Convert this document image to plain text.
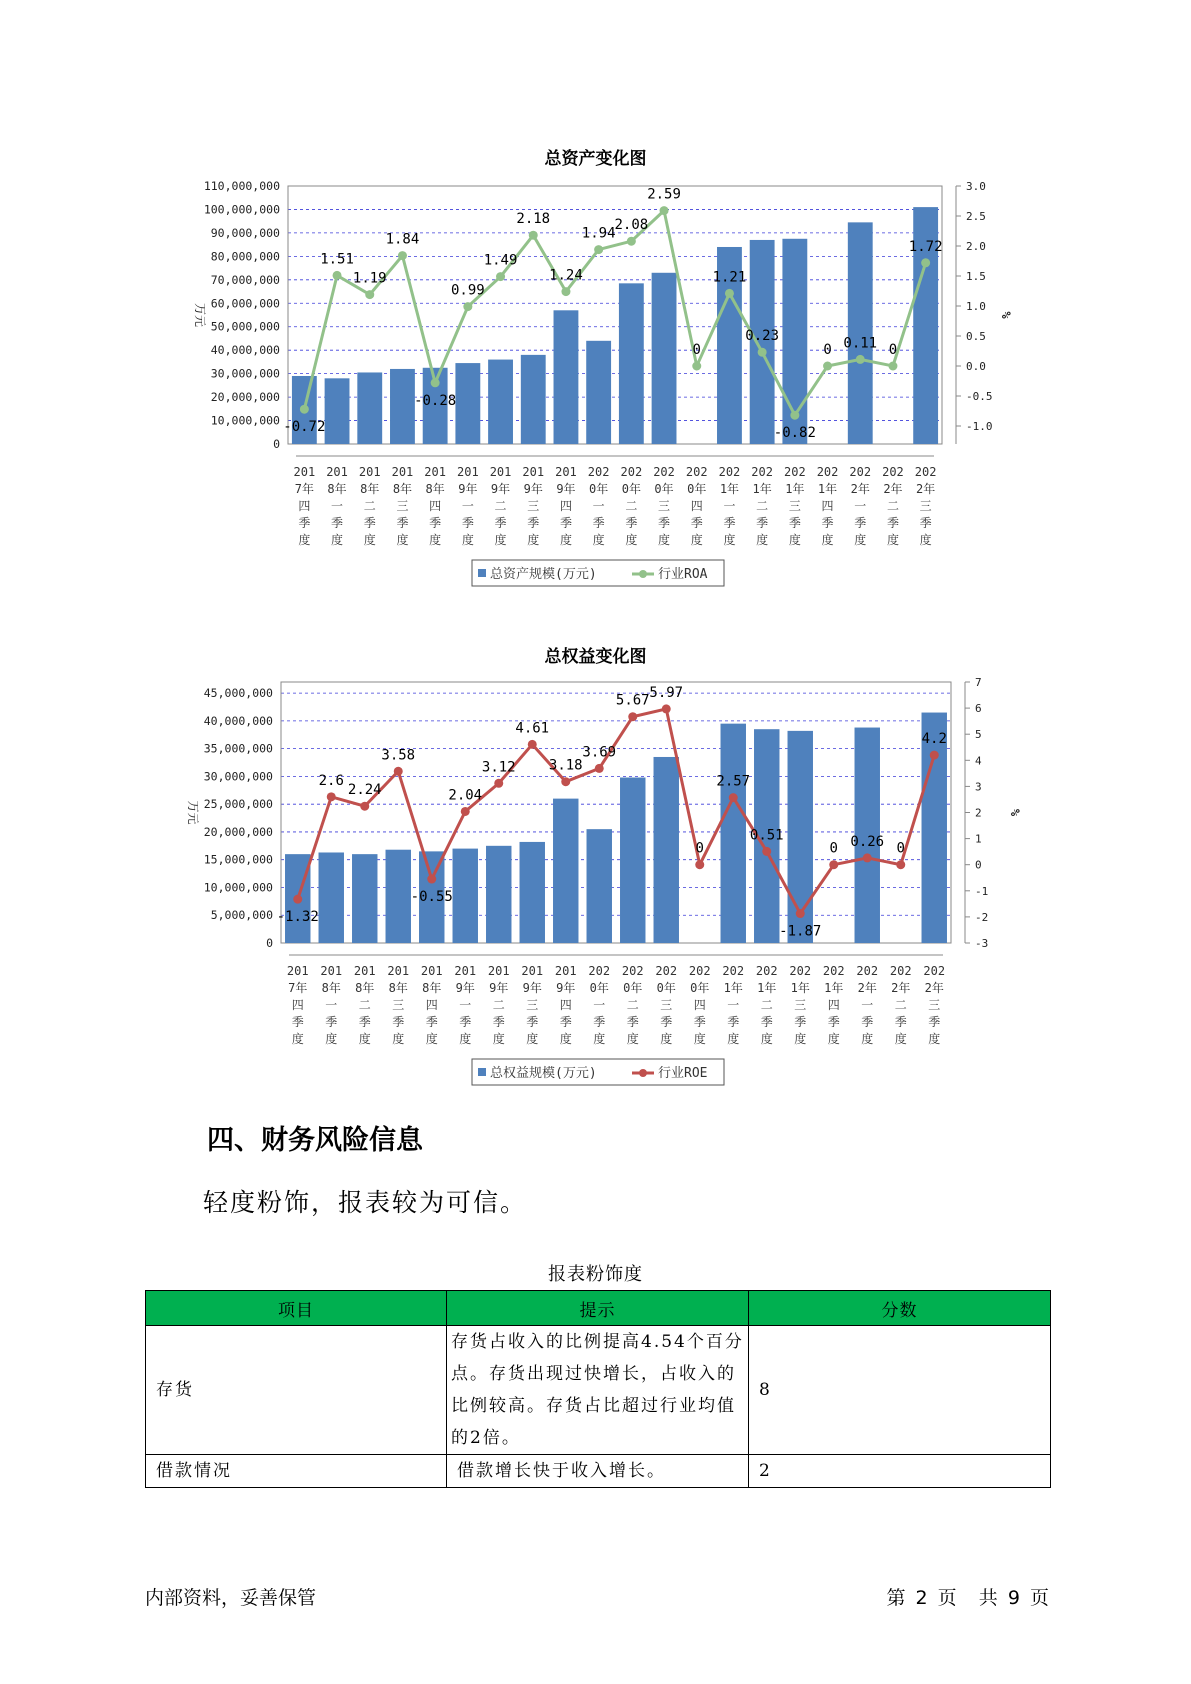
总资产变化图
0
10,000,000
20,000,000
30,000,000
40,000,000
50,000,000
60,000,000
70,000,000
80,000,000
90,000,000
100,000,000
110,000,000
-1.0
-0.5
0.0
0.5
1.0
1.5
2.0
2.5
3.0
万元	%
-0.72
1.51
1.19
1.84
-0.28
0.99
1.49
2.18
1.24
1.94
2.08
2.59
0
1.21
0.23
-0.82
0 0.11 0
1.72
201
7年
四
季
度
201
8年
一
季
度
201
8年
二
季
度
201
8年
三
季
度
201
8年
四
季
度
201
9年
一
季
度
201
9年
二
季
度
201
9年
三
季
度
201
9年
四
季
度
202
0年
一
季
度
202
0年
二
季
度
202
0年
三
季
度
202
0年
四
季
度
202
1年
一
季
度
202
1年
二
季
度
202
1年
三
季
度
202
1年
四
季
度
202
2年
一
季
度
202
2年
二
季
度
202
2年
三
季
度
总资产规模(万元)	行业ROA
总权益变化图
0
5,000,000
10,000,000
15,000,000
20,000,000
25,000,000
30,000,000
35,000,000
40,000,000
45,000,000
-3
-2
-1
0
1
2
3
4
5
6
7
万元	%
-1.32
2.6
2.24
3.58
-0.55
2.04
3.12
4.61
3.18
3.69
5.67 5.97
0
2.57
0.51
-1.87
0 0.26 0
4.2
201
7年
四
季
度
201
8年
一
季
度
201
8年
二
季
度
201
8年
三
季
度
201
8年
四
季
度
201
9年
一
季
度
201
9年
二
季
度
201
9年
三
季
度
201
9年
四
季
度
202
0年
一
季
度
202
0年
二
季
度
202
0年
三
季
度
202
0年
四
季
度
202
1年
一
季
度
202
1年
二
季
度
202
1年
三
季
度
202
1年
四
季
度
202
2年
一
季
度
202
2年
二
季
度
202
2年
三
季
度
总权益规模(万元)	行业ROE
四、财务风险信息
轻度粉饰，报表较为可信。
报表粉饰度
项目	提示	分数
存货	存货占收入的比例提高4.54个百分点。存货出现过快增长，占收入的比例较高。存货占比超过行业均值的2倍。	8
借款情况	借款增长快于收入增长。	2
内部资料，妥善保管	第 2 页 共 9 页
